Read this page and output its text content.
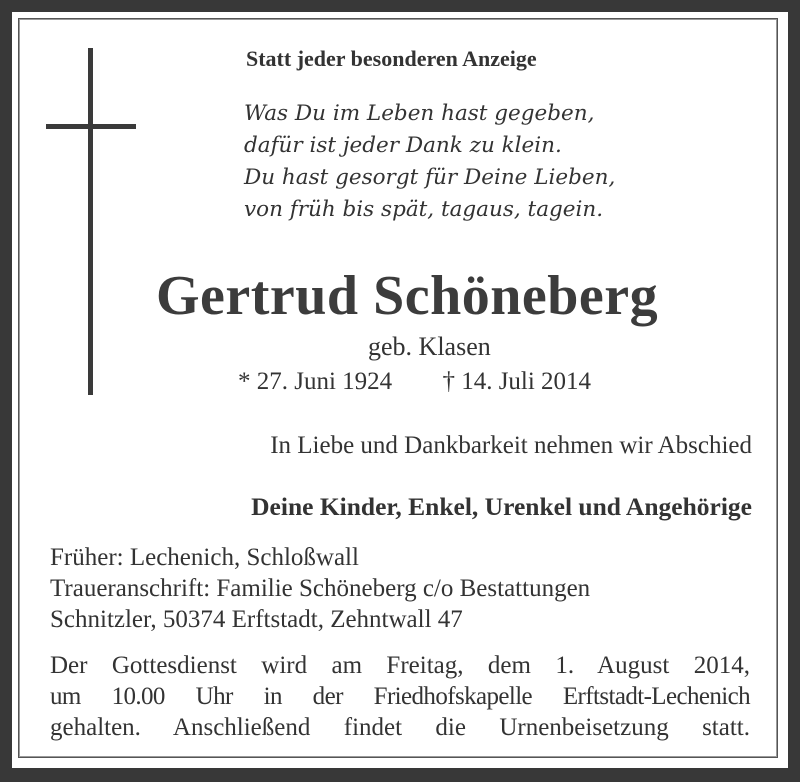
Statt jeder besonderen Anzeige
Was Du im Leben hast gegeben,
dafür ist jeder Dank zu klein.
Du hast gesorgt für Deine Lieben,
von früh bis spät, tagaus, tagein.
Gertrud Schöneberg
geb. Klasen
* 27. Juni 1924 † 14. Juli 2014
In Liebe und Dankbarkeit nehmen wir Abschied
Deine Kinder, Enkel, Urenkel und Angehörige
Früher: Lechenich, Schloßwall
Traueranschrift: Familie Schöneberg c/o Bestattungen
Schnitzler, 50374 Erftstadt, Zehntwall 47
Der Gottesdienst wird am Freitag, dem 1. August 2014,
um 10.00 Uhr in der Friedhofskapelle Erftstadt-Lechenich
gehalten. Anschließend findet die Urnenbeisetzung statt.
